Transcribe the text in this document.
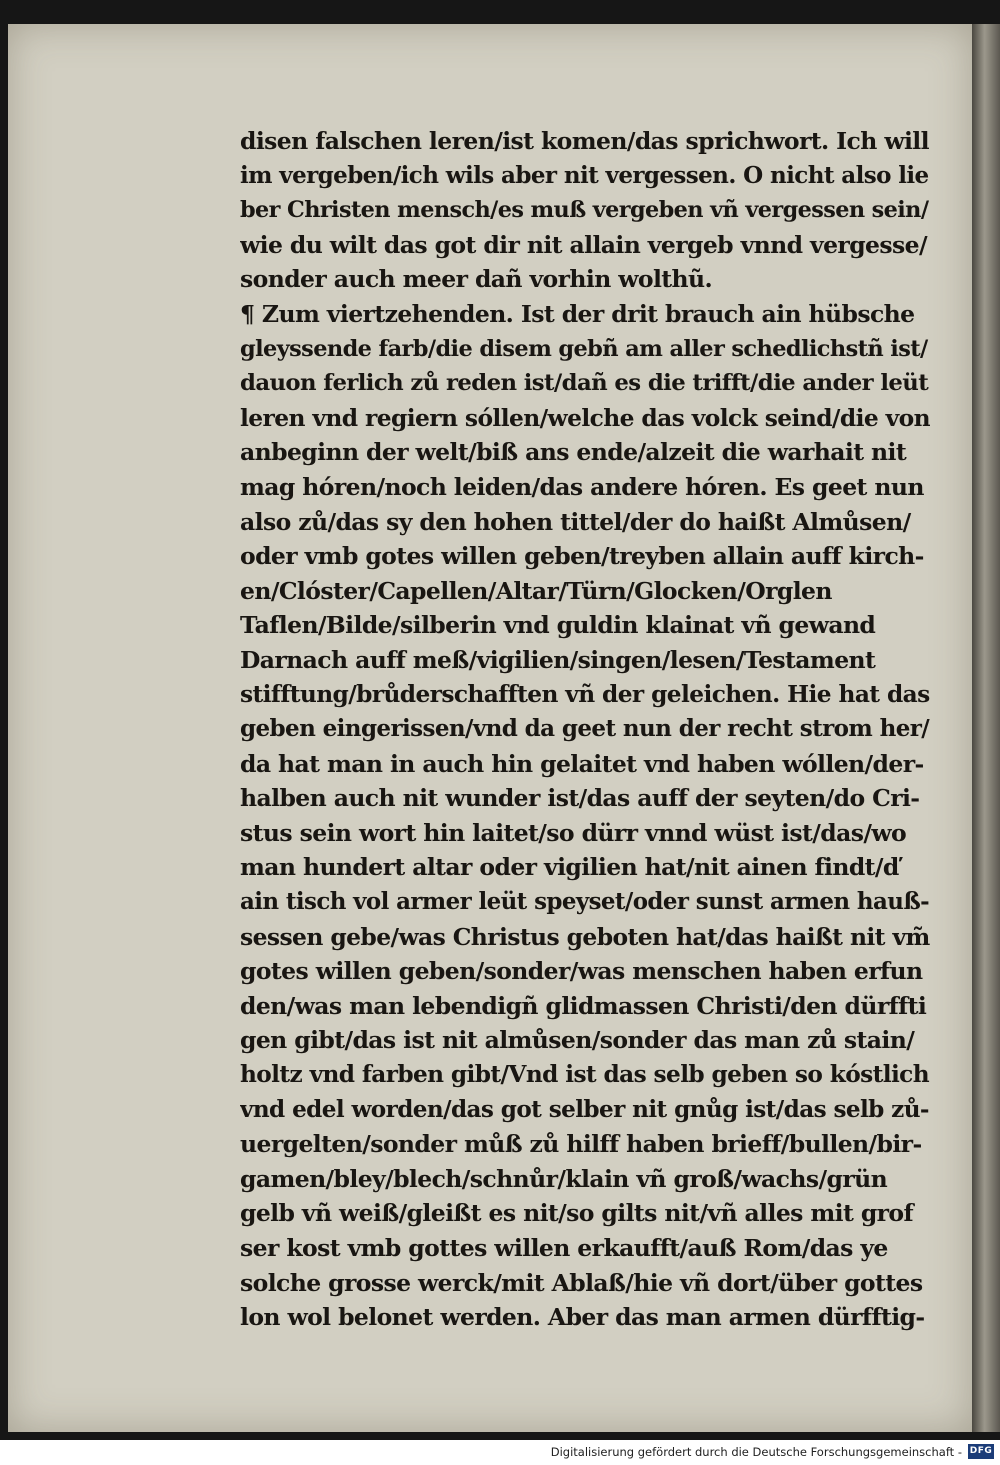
disen falschen leren/ist komen/das sprichwort. Ich will
im vergeben/ich wils aber nit vergessen. O nicht also lie
ber Christen mensch/es muß vergeben vñ vergessen sein/
wie du wilt das got dir nit allain vergeb vnnd vergesse/
sonder auch meer dañ vorhin wolthũ.
¶ Zum viertzehenden. Ist der drit brauch ain hübsche
gleyssende farb/die disem gebñ am aller schedlichstñ ist/
dauon ferlich zů reden ist/dañ es die trifft/die ander leüt
leren vnd regiern sóllen/welche das volck seind/die von
anbeginn der welt/biß ans ende/alzeit die warhait nit
mag hóren/noch leiden/das andere hóren. Es geet nun
also zů/das sy den hohen tittel/der do haißt Almůsen/
oder vmb gotes willen geben/treyben allain auff kirch-
en/Clóster/Capellen/Altar/Türn/Glocken/Orglen
Taflen/Bilde/silberin vnd guldin klainat vñ gewand
Darnach auff meß/vigilien/singen/lesen/Testament
stifftung/brůderschafften vñ der geleichen. Hie hat das
geben eingerissen/vnd da geet nun der recht strom her/
da hat man in auch hin gelaitet vnd haben wóllen/der-
halben auch nit wunder ist/das auff der seyten/do Cri-
stus sein wort hin laitet/so dürr vnnd wüst ist/das/wo
man hundert altar oder vigilien hat/nit ainen findt/ď
ain tisch vol armer leüt speyset/oder sunst armen hauß-
sessen gebe/was Christus geboten hat/das haißt nit vm̃
gotes willen geben/sonder/was menschen haben erfun
den/was man lebendigñ glidmassen Christi/den dürffti
gen gibt/das ist nit almůsen/sonder das man zů stain/
holtz vnd farben gibt/Vnd ist das selb geben so kóstlich
vnd edel worden/das got selber nit gnůg ist/das selb zů-
uergelten/sonder můß zů hilff haben brieff/bullen/bir-
gamen/bley/blech/schnůr/klain vñ groß/wachs/grün
gelb vñ weiß/gleißt es nit/so gilts nit/vñ alles mit grof
ser kost vmb gottes willen erkaufft/auß Rom/das ye
solche grosse werck/mit Ablaß/hie vñ dort/über gottes
lon wol belonet werden. Aber das man armen dürfftig-
Digitalisierung gefördert durch die Deutsche Forschungsgemeinschaft - DFG
